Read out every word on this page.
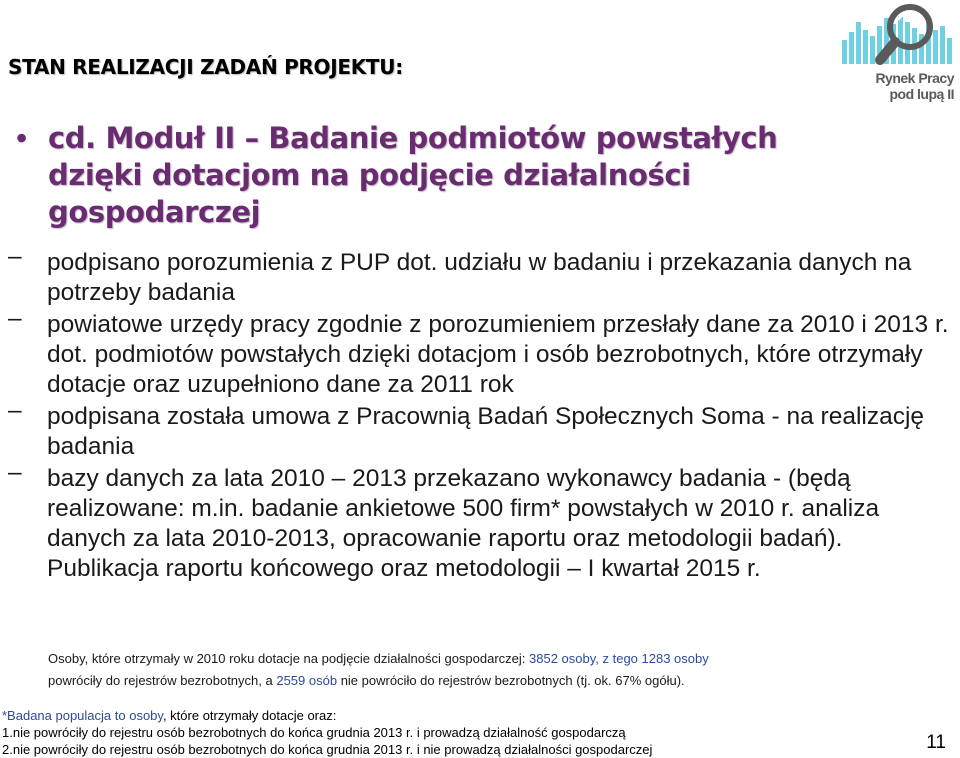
STAN REALIZACJI ZADAŃ PROJEKTU:	Rynek Pracy
pod lupą II
• cd. Moduł II – Badanie podmiotów powstałych dzięki dotacjom na podjęcie działalności gospodarczej
– podpisano porozumienia z PUP dot. udziału w badaniu i przekazania danych na potrzeby badania
– powiatowe urzędy pracy zgodnie z porozumieniem przesłały dane za 2010 i 2013 r. dot. podmiotów powstałych dzięki dotacjom i osób bezrobotnych, które otrzymały dotacje oraz uzupełniono dane za 2011 rok
– podpisana została umowa z Pracownią Badań Społecznych Soma - na realizację badania
– bazy danych za lata 2010 – 2013 przekazano wykonawcy badania - (będą realizowane: m.in. badanie ankietowe 500 firm* powstałych w 2010 r. analiza danych za lata 2010-2013, opracowanie raportu oraz metodologii badań). Publikacja raportu końcowego oraz metodologii – I kwartał 2015 r.
Osoby, które otrzymały w 2010 roku dotacje na podjęcie działalności gospodarczej: 3852 osoby, z tego 1283 osoby
powróciły do rejestrów bezrobotnych, a 2559 osób nie powróciło do rejestrów bezrobotnych (tj. ok. 67% ogółu).
*Badana populacja to osoby, które otrzymały dotacje oraz:
1.nie powróciły do rejestru osób bezrobotnych do końca grudnia 2013 r. i prowadzą działalność gospodarczą
2.nie powróciły do rejestru osób bezrobotnych do końca grudnia 2013 r. i nie prowadzą działalności gospodarczej	11
